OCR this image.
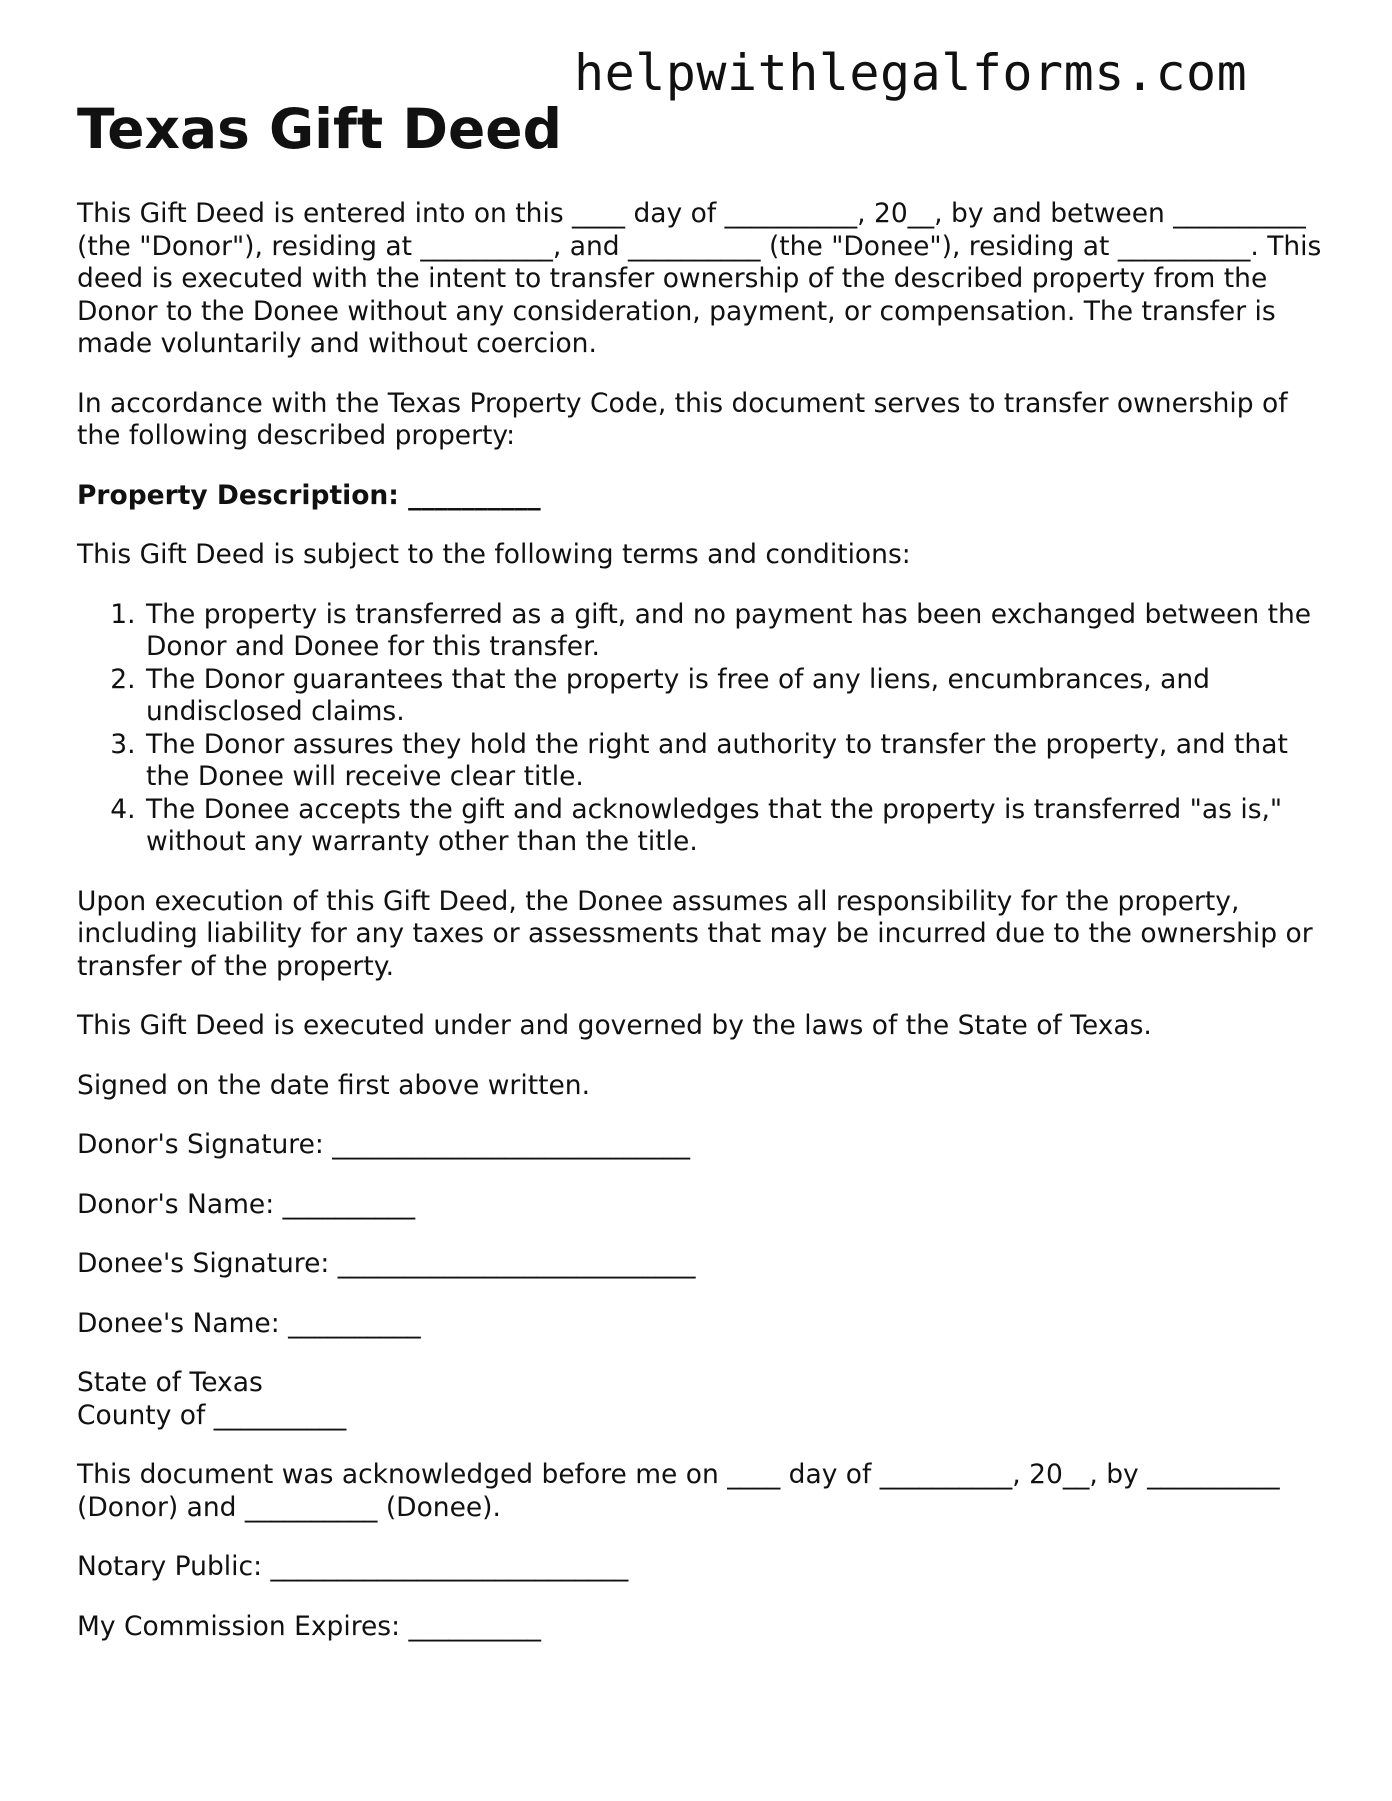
helpwithlegalforms.com
Texas Gift Deed

This Gift Deed is entered into on this ____ day of __________, 20__, by and between __________ (the "Donor"), residing at __________, and __________ (the "Donee"), residing at __________. This deed is executed with the intent to transfer ownership of the described property from the Donor to the Donee without any consideration, payment, or compensation. The transfer is made voluntarily and without coercion.

In accordance with the Texas Property Code, this document serves to transfer ownership of the following described property:

Property Description: __________

This Gift Deed is subject to the following terms and conditions:

1. The property is transferred as a gift, and no payment has been exchanged between the Donor and Donee for this transfer.
2. The Donor guarantees that the property is free of any liens, encumbrances, and undisclosed claims.
3. The Donor assures they hold the right and authority to transfer the property, and that the Donee will receive clear title.
4. The Donee accepts the gift and acknowledges that the property is transferred "as is," without any warranty other than the title.

Upon execution of this Gift Deed, the Donee assumes all responsibility for the property, including liability for any taxes or assessments that may be incurred due to the ownership or transfer of the property.

This Gift Deed is executed under and governed by the laws of the State of Texas.

Signed on the date first above written.

Donor's Signature: ___________________________

Donor's Name: __________

Donee's Signature: ___________________________

Donee's Name: __________

State of Texas
County of __________

This document was acknowledged before me on ____ day of __________, 20__, by __________ (Donor) and __________ (Donee).

Notary Public: ___________________________

My Commission Expires: __________
